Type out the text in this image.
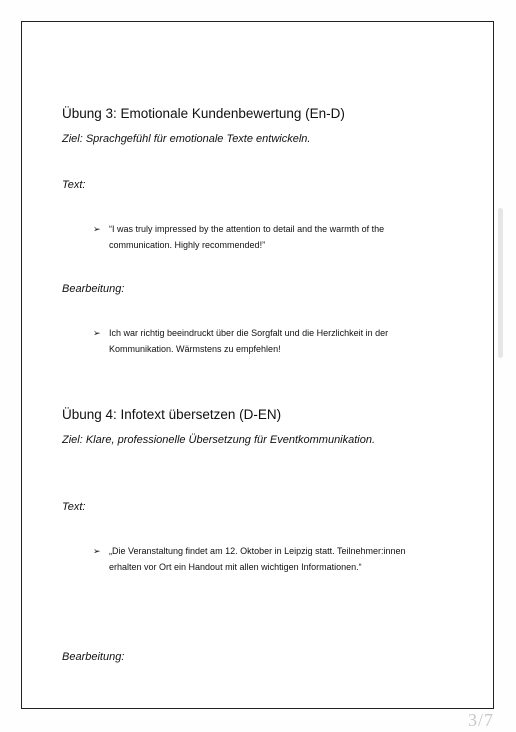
Übung 3: Emotionale Kundenbewertung (En-D)
Ziel: Sprachgefühl für emotionale Texte entwickeln.
Text:
➢ “I was truly impressed by the attention to detail and the warmth of the
communication. Highly recommended!”
Bearbeitung:
➢ Ich war richtig beeindruckt über die Sorgfalt und die Herzlichkeit in der
Kommunikation. Wärmstens zu empfehlen!
Übung 4: Infotext übersetzen (D-EN)
Ziel: Klare, professionelle Übersetzung für Eventkommunikation.
Text:
➢ „Die Veranstaltung findet am 12. Oktober in Leipzig statt. Teilnehmer:innen
erhalten vor Ort ein Handout mit allen wichtigen Informationen.“
Bearbeitung:
3/7
